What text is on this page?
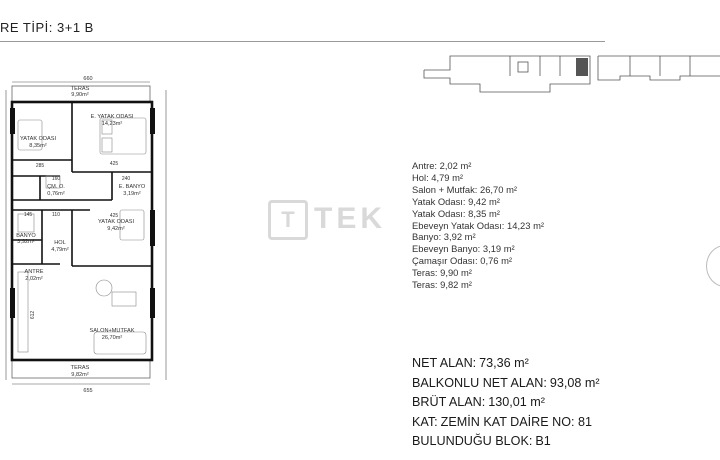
RE TİPİ: 3+1 B
T TEK
660
655
285	425
425
145	110
160	240
612
TERAS
9,90m²
E. YATAK ODASI
14,23m²
YATAK ODASI
8,35m²
ÇM. O.
0,76m²
E. BANYO
3,19m²
YATAK ODASI
9,42m²
BANYO
3,92m²	HOL
4,79m²
ANTRE
2,02m²
SALON+MUTFAK
26,70m²
TERAS
9,82m²
Antre: 2,02 m²
Hol: 4,79 m²
Salon + Mutfak: 26,70 m²
Yatak Odası: 9,42 m²
Yatak Odası: 8,35 m²
Ebeveyn Yatak Odası: 14,23 m²
Banyo: 3,92 m²
Ebeveyn Banyo: 3,19 m²
Çamaşır Odası: 0,76 m²
Teras: 9,90 m²
Teras: 9,82 m²
NET ALAN: 73,36 m²
BALKONLU NET ALAN: 93,08 m²
BRÜT ALAN: 130,01 m²
KAT: ZEMİN KAT DAİRE NO: 81
BULUNDUĞU BLOK: B1
